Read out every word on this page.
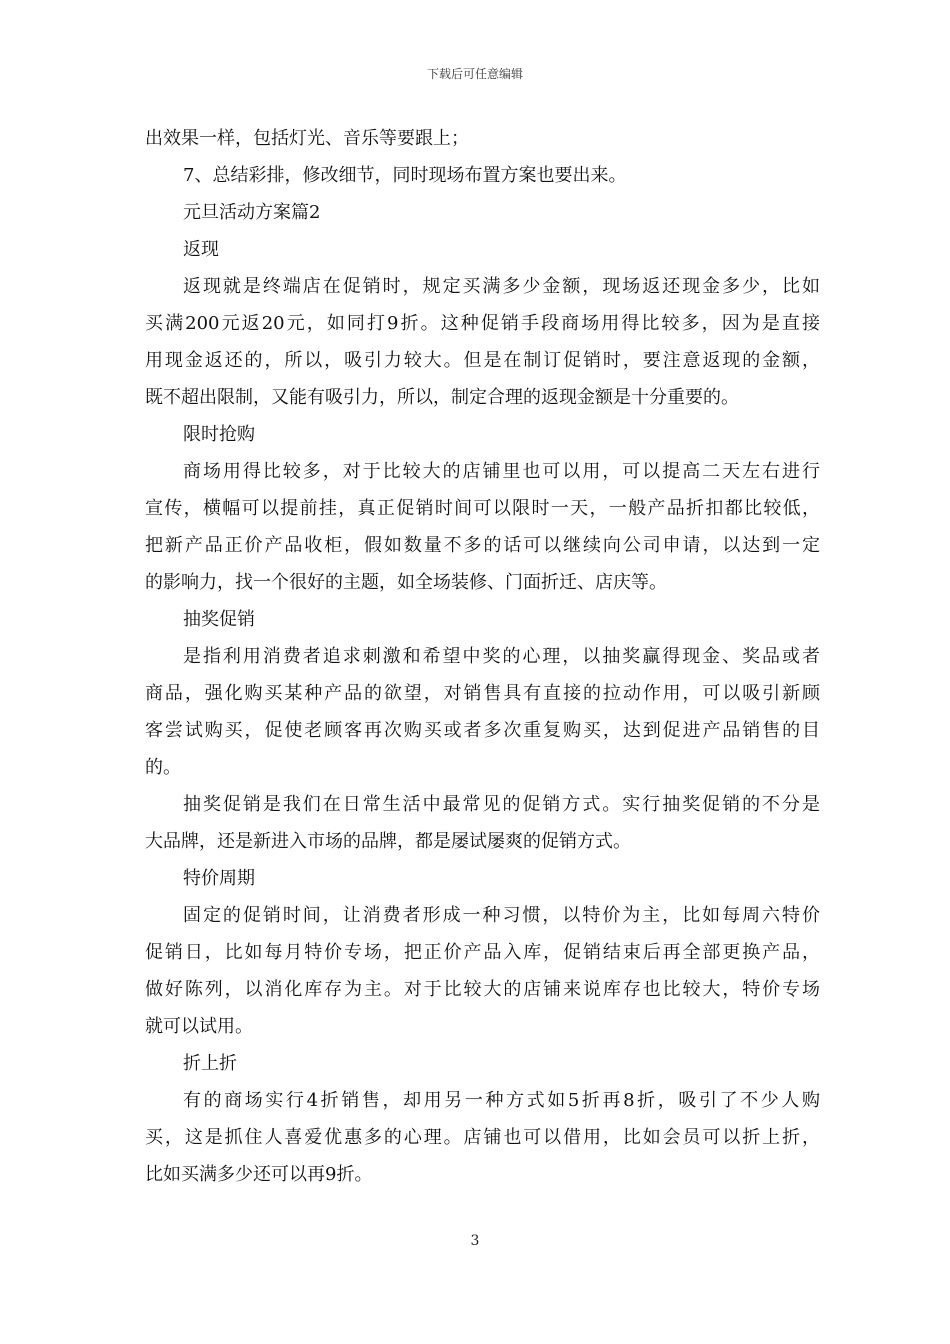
下载后可任意编辑
出效果一样，包括灯光、音乐等要跟上；
7、总结彩排，修改细节，同时现场布置方案也要出来。
元旦活动方案篇2
返现
返现就是终端店在促销时，规定买满多少金额，现场返还现金多少，比如
买满200元返20元，如同打9折。这种促销手段商场用得比较多，因为是直接
用现金返还的，所以，吸引力较大。但是在制订促销时，要注意返现的金额，
既不超出限制，又能有吸引力，所以，制定合理的返现金额是十分重要的。
限时抢购
商场用得比较多，对于比较大的店铺里也可以用，可以提高二天左右进行
宣传，横幅可以提前挂，真正促销时间可以限时一天，一般产品折扣都比较低，
把新产品正价产品收柜，假如数量不多的话可以继续向公司申请，以达到一定
的影响力，找一个很好的主题，如全场装修、门面折迁、店庆等。
抽奖促销
是指利用消费者追求刺激和希望中奖的心理，以抽奖赢得现金、奖品或者
商品，强化购买某种产品的欲望，对销售具有直接的拉动作用，可以吸引新顾
客尝试购买，促使老顾客再次购买或者多次重复购买，达到促进产品销售的目
的。
抽奖促销是我们在日常生活中最常见的促销方式。实行抽奖促销的不分是
大品牌，还是新进入市场的品牌，都是屡试屡爽的促销方式。
特价周期
固定的促销时间，让消费者形成一种习惯，以特价为主，比如每周六特价
促销日，比如每月特价专场，把正价产品入库，促销结束后再全部更换产品，
做好陈列，以消化库存为主。对于比较大的店铺来说库存也比较大，特价专场
就可以试用。
折上折
有的商场实行4折销售，却用另一种方式如5折再8折，吸引了不少人购
买，这是抓住人喜爱优惠多的心理。店铺也可以借用，比如会员可以折上折，
比如买满多少还可以再9折。
3
